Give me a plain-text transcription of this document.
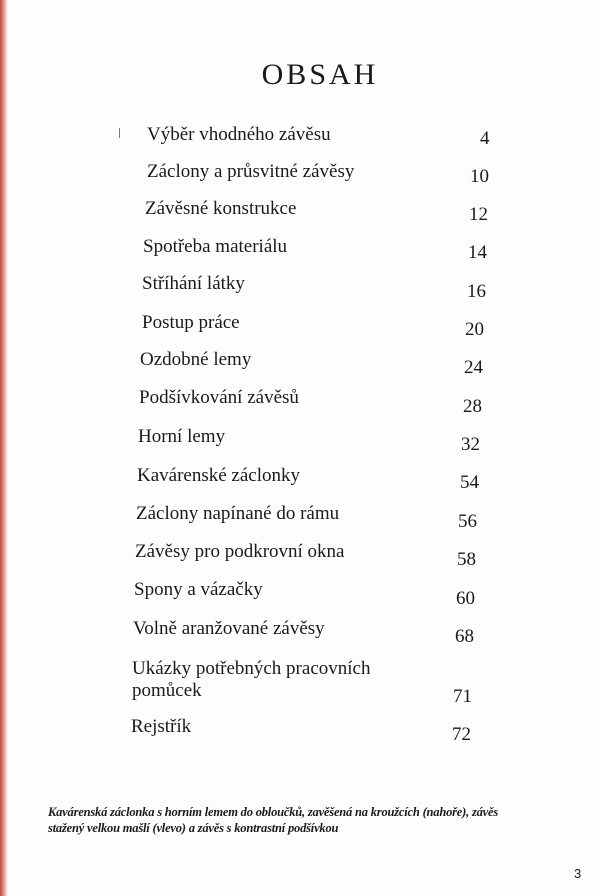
OBSAH
Výběr vhodného závěsu	4
Záclony a průsvitné závěsy	10
Závěsné konstrukce	12
Spotřeba materiálu	14
Stříhání látky	16
Postup práce	20
Ozdobné lemy	24
Podšívkování závěsů	28
Horní lemy	32
Kavárenské záclonky	54
Záclony napínané do rámu	56
Závěsy pro podkrovní okna	58
Spony a vázačky	60
Volně aranžované závěsy	68
Ukázky potřebných pracovních
pomůcek	71
Rejstřík	72
Kavárenská záclonka s horním lemem do obloučků, zavěšená na kroužcích (nahoře), závěs
stažený velkou mašlí (vlevo) a závěs s kontrastní podšívkou
3
